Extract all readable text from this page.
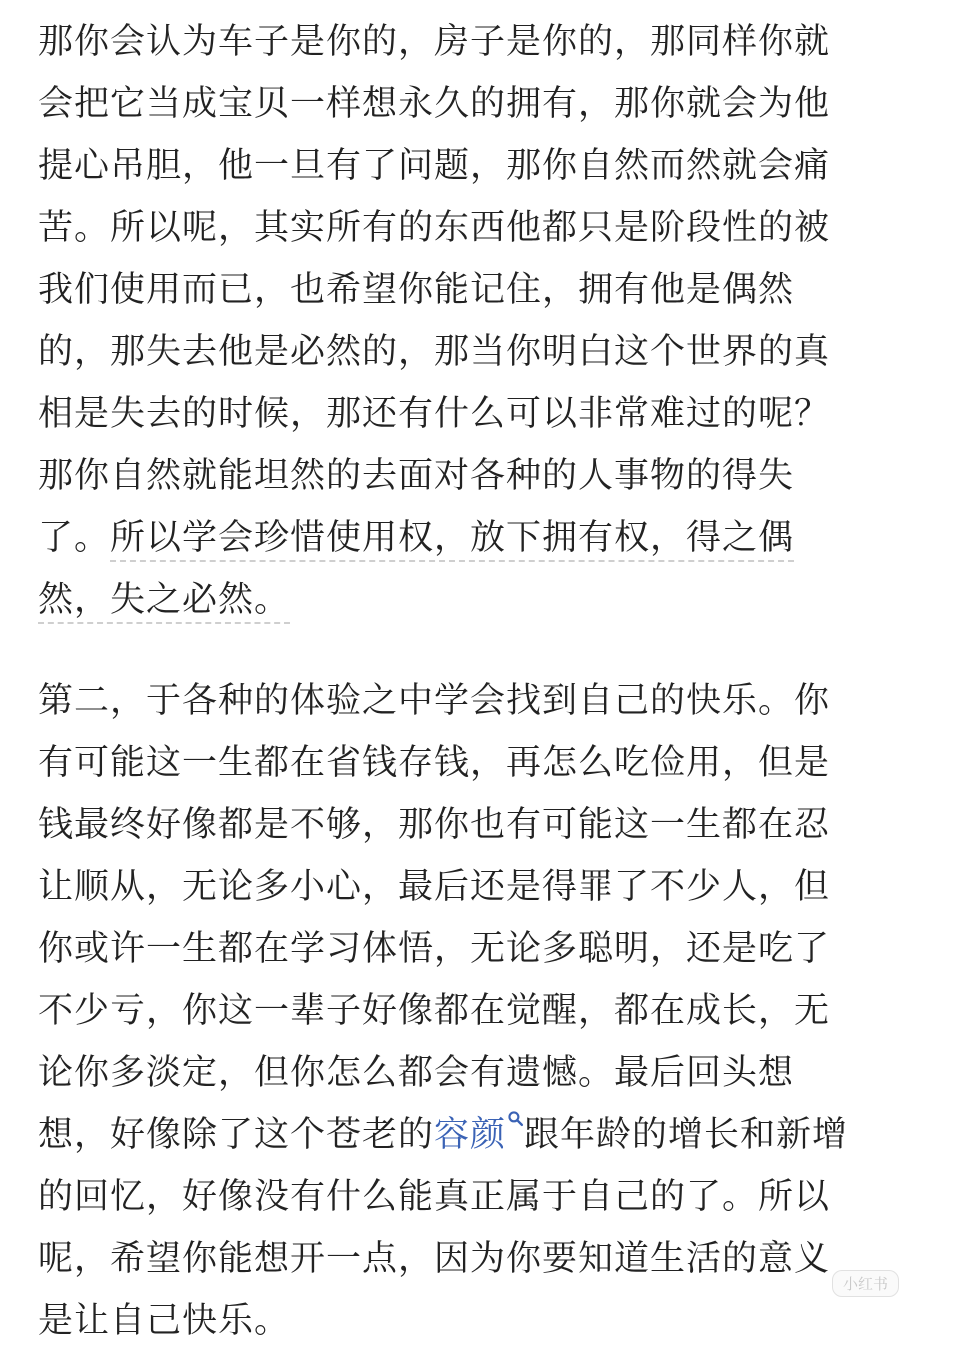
那你会认为车子是你的，房子是你的，那同样你就
会把它当成宝贝一样想永久的拥有，那你就会为他
提心吊胆，他一旦有了问题，那你自然而然就会痛
苦。所以呢，其实所有的东西他都只是阶段性的被
我们使用而已，也希望你能记住，拥有他是偶然
的，那失去他是必然的，那当你明白这个世界的真
相是失去的时候，那还有什么可以非常难过的呢？
那你自然就能坦然的去面对各种的人事物的得失
了。所以学会珍惜使用权，放下拥有权，得之偶
然，失之必然。
第二，于各种的体验之中学会找到自己的快乐。你
有可能这一生都在省钱存钱，再怎么吃俭用，但是
钱最终好像都是不够，那你也有可能这一生都在忍
让顺从，无论多小心，最后还是得罪了不少人，但
你或许一生都在学习体悟，无论多聪明，还是吃了
不少亏，你这一辈子好像都在觉醒，都在成长，无
论你多淡定，但你怎么都会有遗憾。最后回头想
想，好像除了这个苍老的容颜 跟年龄的增长和新增
的回忆，好像没有什么能真正属于自己的了。所以
呢，希望你能想开一点，因为你要知道生活的意义
是让自己快乐。
小红书
